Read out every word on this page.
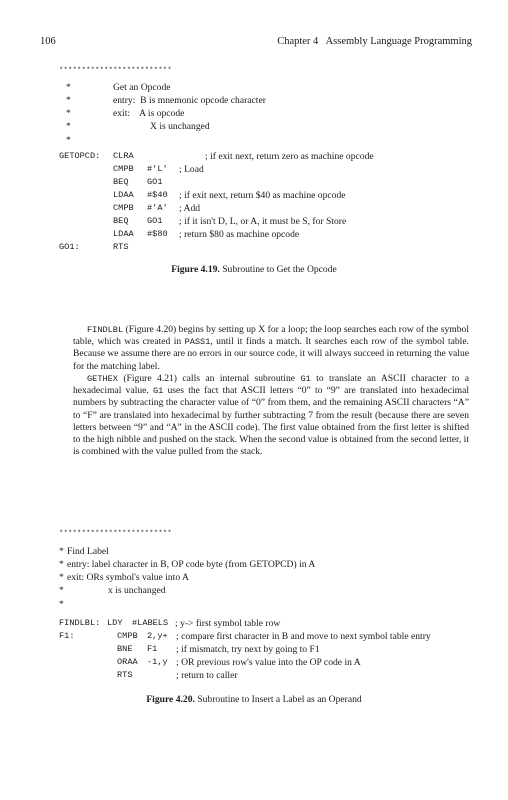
106	Chapter 4   Assembly Language Programming
*************************
*	Get an Opcode
*	entry:  B is mnemonic opcode character
*	exit:    A is opcode
*	X is unchanged
*
GETOPCD: CLRA	; if exit next, return zero as machine opcode
CMPB #'L' ; Load
BEQ GO1
LDAA #$40 ; if exit next, return $40 as machine opcode
CMPB #'A' ; Add
BEQ GO1 ; if it isn't D, L, or A, it must be S, for Store
LDAA #$80 ; return $80 as machine opcode
GO1:	RTS
Figure 4.19. Subroutine to Get the Opcode
FINDLBL (Figure 4.20) begins by setting up X for a loop; the loop searches each row of the symbol table, which was created in PASS1, until it finds a match. It searches each row of the symbol table. Because we assume there are no errors in our source code, it will always succeed in returning the value for the matching label.
GETHEX (Figure 4.21) calls an internal subroutine G1 to translate an ASCII character to a hexadecimal value. G1 uses the fact that ASCII letters “0” to “9” are translated into hexadecimal numbers by subtracting the character value of “0” from them, and the remaining ASCII characters “A” to “F” are translated into hexadecimal by further subtracting 7 from the result (because there are seven letters between “9” and “A” in the ASCII code). The first value obtained from the first letter is shifted to the high nibble and pushed on the stack. When the second value is obtained from the second letter, it is combined with the value pulled from the stack.
*************************
* Find Label
* entry: label character in B, OP code byte (from GETOPCD) in A
* exit: ORs symbol's value into A
*	x is unchanged
*
FINDLBL: LDY #LABELS ; y-> first symbol table row
F1:	CMPB 2,y+ ; compare first character in B and move to next symbol table entry
BNE F1 ; if mismatch, try next by going to F1
ORAA -1,y ; OR previous row's value into the OP code in A
RTS	; return to caller
Figure 4.20. Subroutine to Insert a Label as an Operand
